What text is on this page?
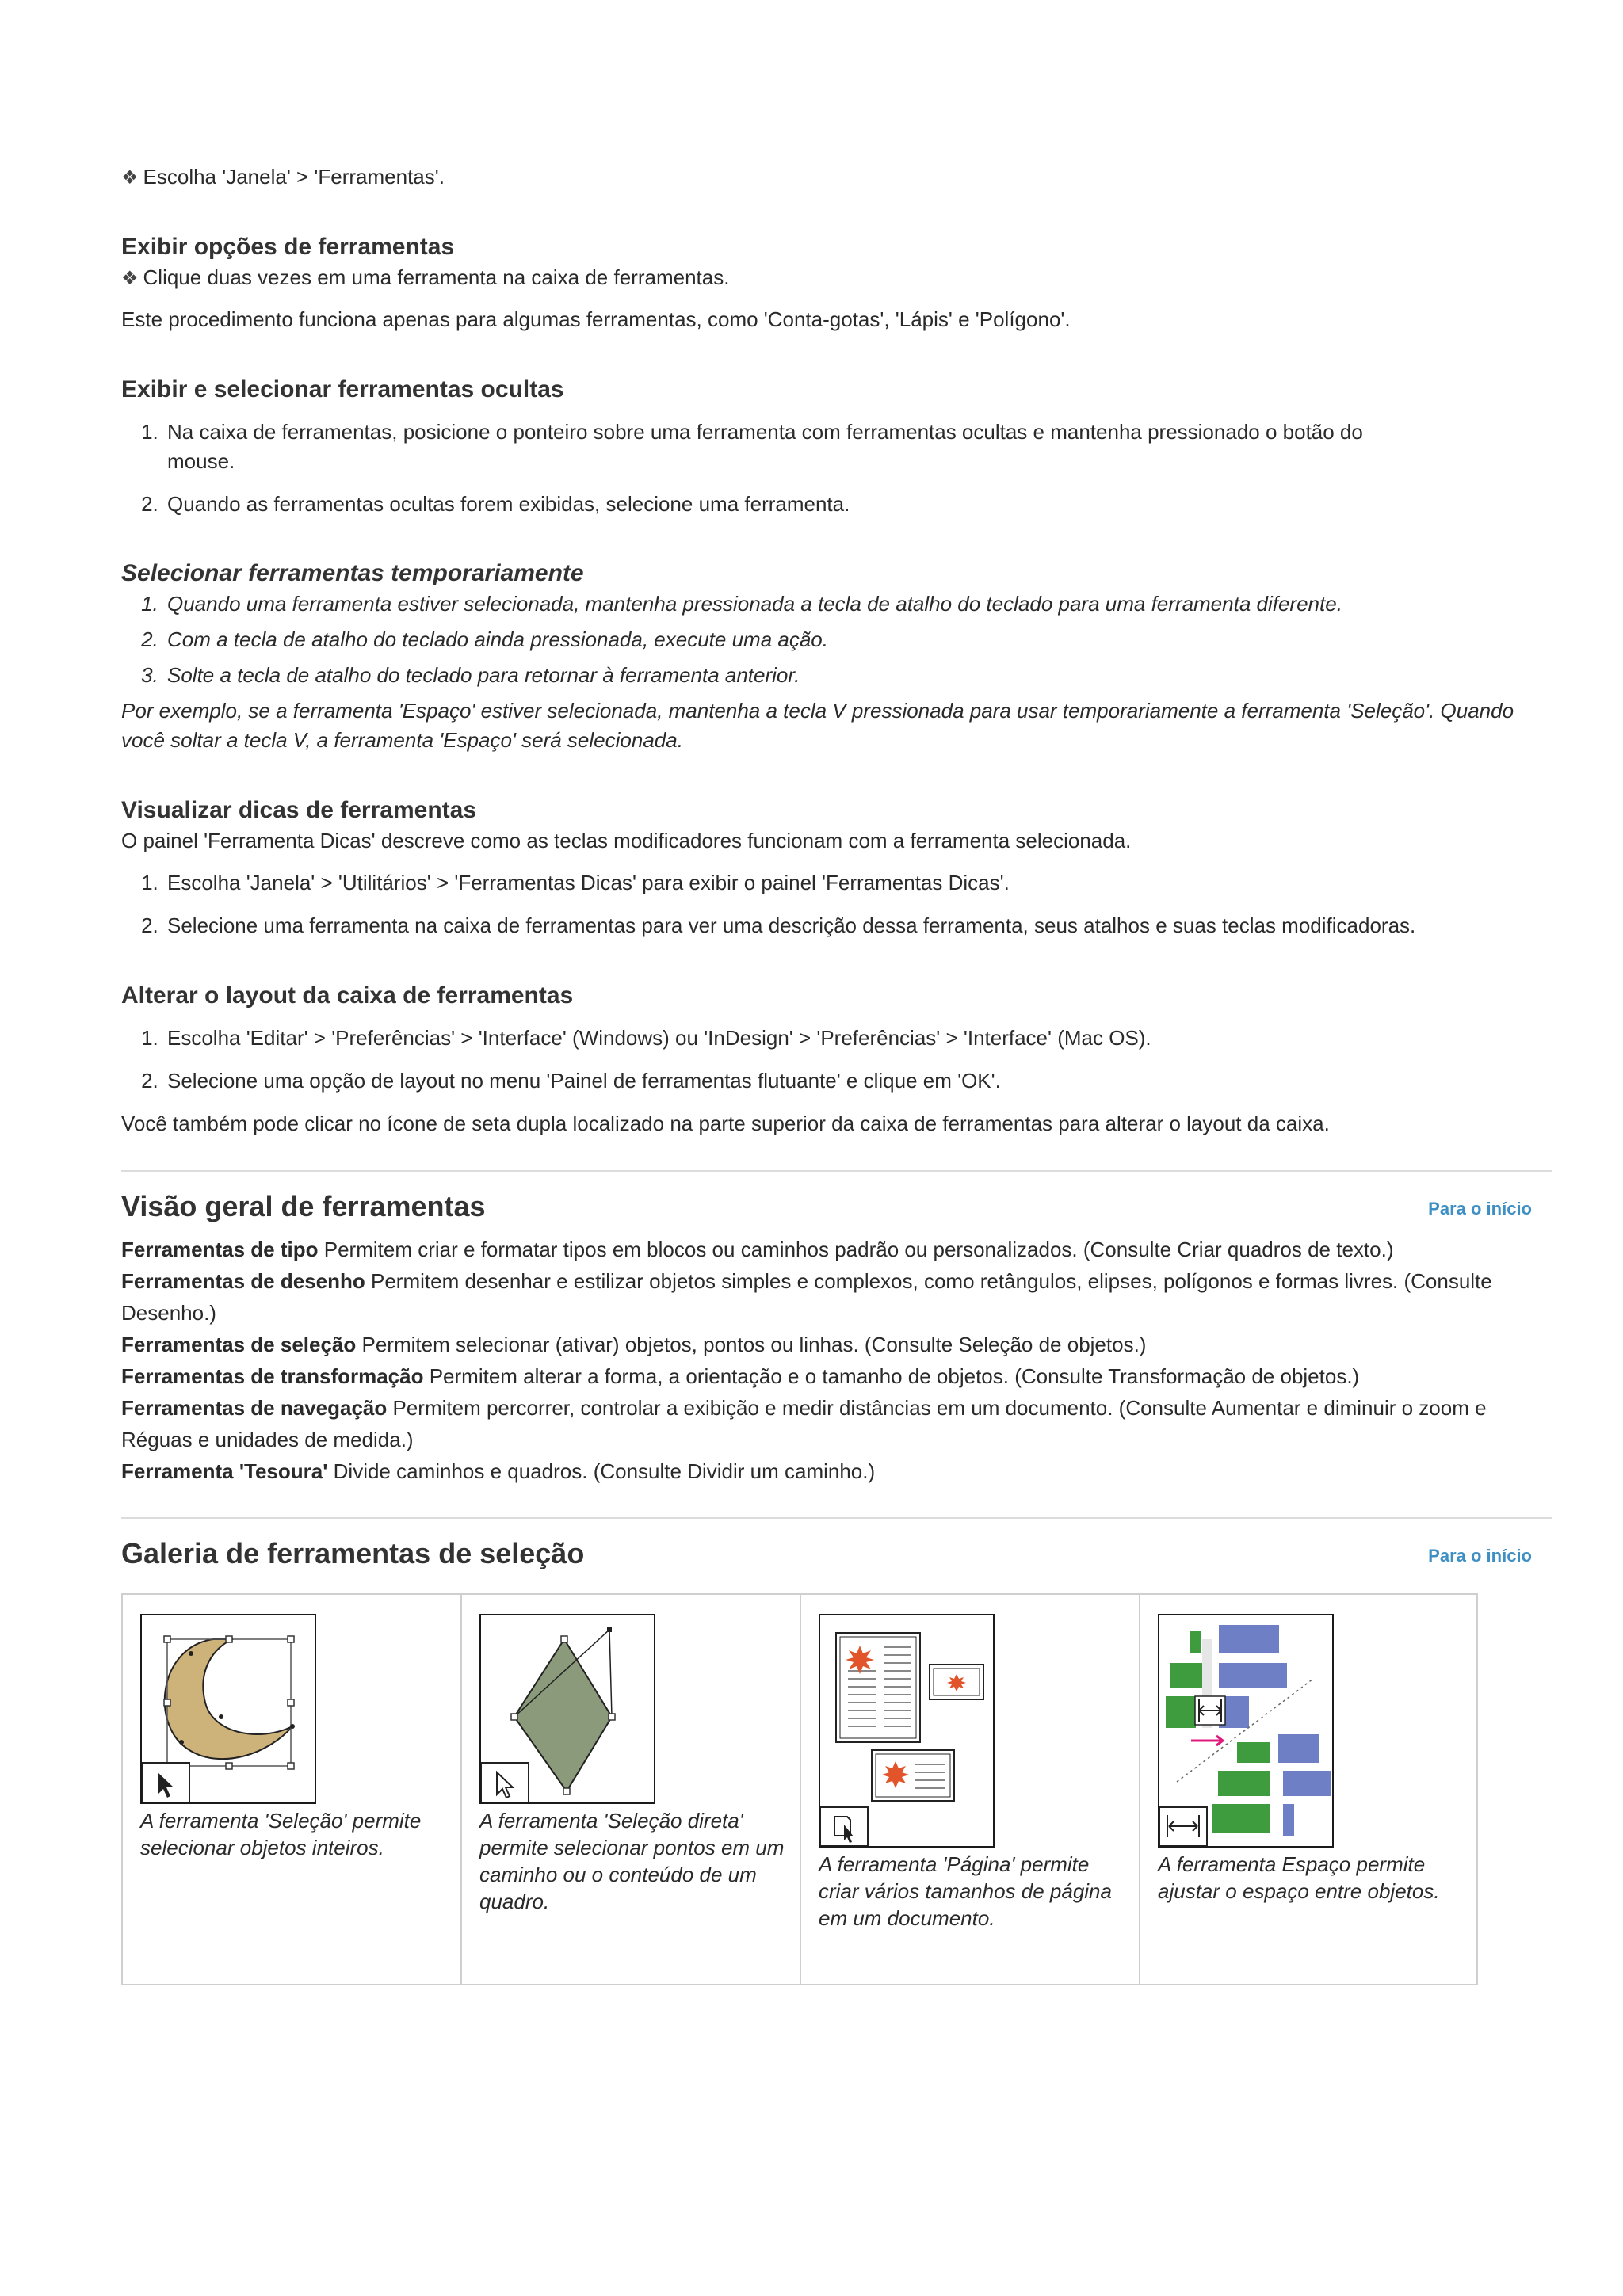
❖ Escolha 'Janela' > 'Ferramentas'.
Exibir opções de ferramentas
❖ Clique duas vezes em uma ferramenta na caixa de ferramentas.

Este procedimento funciona apenas para algumas ferramentas, como 'Conta-gotas', 'Lápis' e 'Polígono'.

Exibir e selecionar ferramentas ocultas
1. Na caixa de ferramentas, posicione o ponteiro sobre uma ferramenta com ferramentas ocultas e mantenha pressionado o botão do mouse.
2. Quando as ferramentas ocultas forem exibidas, selecione uma ferramenta.
Selecionar ferramentas temporariamente
1. Quando uma ferramenta estiver selecionada, mantenha pressionada a tecla de atalho do teclado para uma ferramenta diferente.
2. Com a tecla de atalho do teclado ainda pressionada, execute uma ação.
3. Solte a tecla de atalho do teclado para retornar à ferramenta anterior.

Por exemplo, se a ferramenta 'Espaço' estiver selecionada, mantenha a tecla V pressionada para usar temporariamente a ferramenta 'Seleção'. Quando você soltar a tecla V, a ferramenta 'Espaço' será selecionada.

Visualizar dicas de ferramentas

O painel 'Ferramenta Dicas' descreve como as teclas modificadores funcionam com a ferramenta selecionada.

1. Escolha 'Janela' > 'Utilitários' > 'Ferramentas Dicas' para exibir o painel 'Ferramentas Dicas'.
2. Selecione uma ferramenta na caixa de ferramentas para ver uma descrição dessa ferramenta, seus atalhos e suas teclas modificadoras.
Alterar o layout da caixa de ferramentas
1. Escolha 'Editar' > 'Preferências' > 'Interface' (Windows) ou 'InDesign' > 'Preferências' > 'Interface' (Mac OS).
2. Selecione uma opção de layout no menu 'Painel de ferramentas flutuante' e clique em 'OK'.

Você também pode clicar no ícone de seta dupla localizado na parte superior da caixa de ferramentas para alterar o layout da caixa.

Visão geral de ferramentas	Para o início

Ferramentas de tipo Permitem criar e formatar tipos em blocos ou caminhos padrão ou personalizados. (Consulte Criar quadros de texto.)

Ferramentas de desenho Permitem desenhar e estilizar objetos simples e complexos, como retângulos, elipses, polígonos e formas livres. (Consulte Desenho.)

Ferramentas de seleção Permitem selecionar (ativar) objetos, pontos ou linhas. (Consulte Seleção de objetos.)

Ferramentas de transformação Permitem alterar a forma, a orientação e o tamanho de objetos. (Consulte Transformação de objetos.)

Ferramentas de navegação Permitem percorrer, controlar a exibição e medir distâncias em um documento. (Consulte Aumentar e diminuir o zoom e Réguas e unidades de medida.)

Ferramenta 'Tesoura' Divide caminhos e quadros. (Consulte Dividir um caminho.)

Galeria de ferramentas de seleção	Para o início
A ferramenta 'Seleção' permite selecionar objetos inteiros.
A ferramenta 'Seleção direta' permite selecionar pontos em um caminho ou o conteúdo de um quadro.
A ferramenta 'Página' permite criar vários tamanhos de página em um documento.
A ferramenta Espaço permite ajustar o espaço entre objetos.
